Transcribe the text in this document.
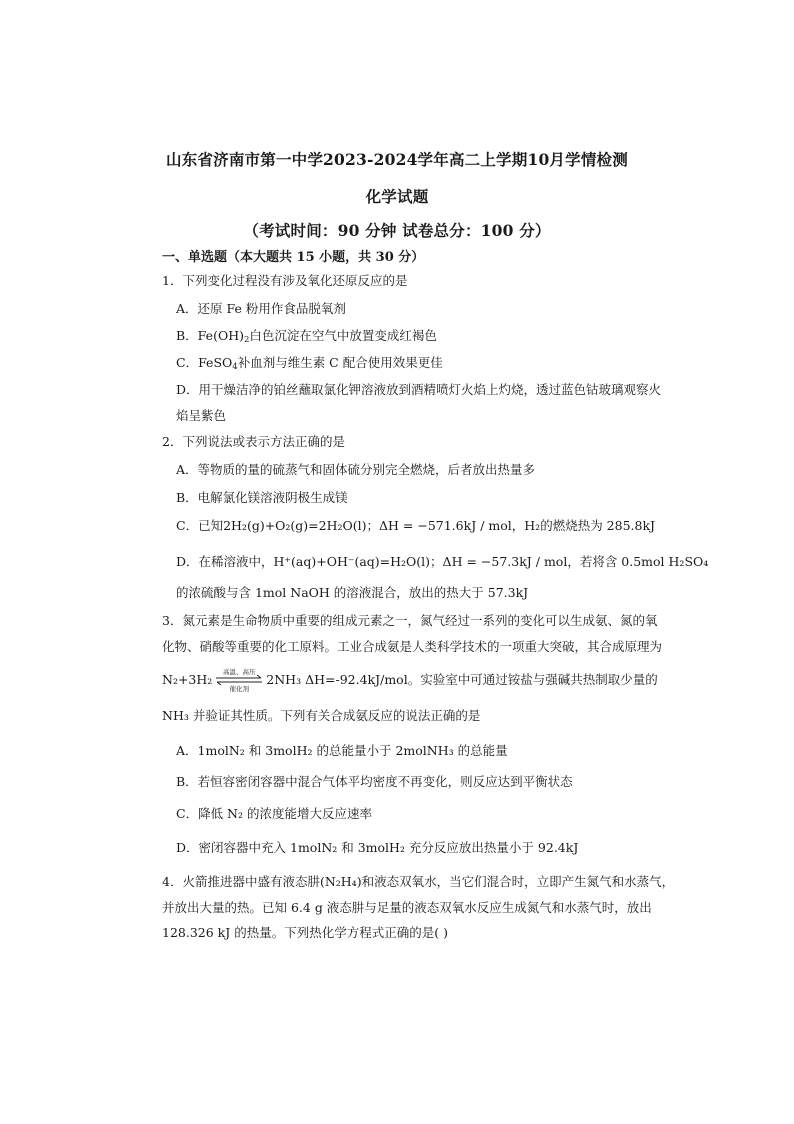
山东省济南市第一中学2023-2024学年高二上学期10月学情检测
化学试题
（考试时间：90 分钟 试卷总分：100 分）
一、单选题（本大题共 15 小题，共 30 分）
1．下列变化过程没有涉及氧化还原反应的是
A．还原 Fe 粉用作食品脱氧剂
B．$Fe(OH)_2$白色沉淀在空气中放置变成红褐色
C．FeSO$_4$补血剂与维生素 C 配合使用效果更佳
D．用干燥洁净的铂丝蘸取氯化钾溶液放到酒精喷灯火焰上灼烧，透过蓝色钴玻璃观察火
焰呈紫色
2．下列说法或表示方法正确的是
A．等物质的量的硫蒸气和固体硫分别完全燃烧，后者放出热量多
B．电解氯化镁溶液阴极生成镁
C．已知2H₂(g)+O₂(g)=2H₂O(l)；ΔH = −571.6kJ / mol，H₂的燃烧热为 285.8kJ
D．在稀溶液中，H⁺(aq)+OH⁻(aq)=H₂O(l)；ΔH = −57.3kJ / mol，若将含 0.5mol H₂SO₄
的浓硫酸与含 1mol NaOH 的溶液混合，放出的热大于 57.3kJ
3．氮元素是生命物质中重要的组成元素之一，氮气经过一系列的变化可以生成氨、氮的氧
化物、硝酸等重要的化工原料。工业合成氨是人类科学技术的一项重大突破，其合成原理为
N₂+3H₂	高温、高压
催化剂
2NH₃ ΔH=-92.4kJ/mol。实验室中可通过铵盐与强碱共热制取少量的
NH₃ 并验证其性质。下列有关合成氨反应的说法正确的是
A．1molN₂ 和 3molH₂ 的总能量小于 2molNH₃ 的总能量
B．若恒容密闭容器中混合气体平均密度不再变化，则反应达到平衡状态
C．降低 N₂ 的浓度能增大反应速率
D．密闭容器中充入 1molN₂ 和 3molH₂ 充分反应放出热量小于 92.4kJ
4．火箭推进器中盛有液态肼(N₂H₄)和液态双氧水，当它们混合时，立即产生氮气和水蒸气，
并放出大量的热。已知 6.4 g 液态肼与足量的液态双氧水反应生成氮气和水蒸气时，放出
128.326 kJ 的热量。下列热化学方程式正确的是( )
